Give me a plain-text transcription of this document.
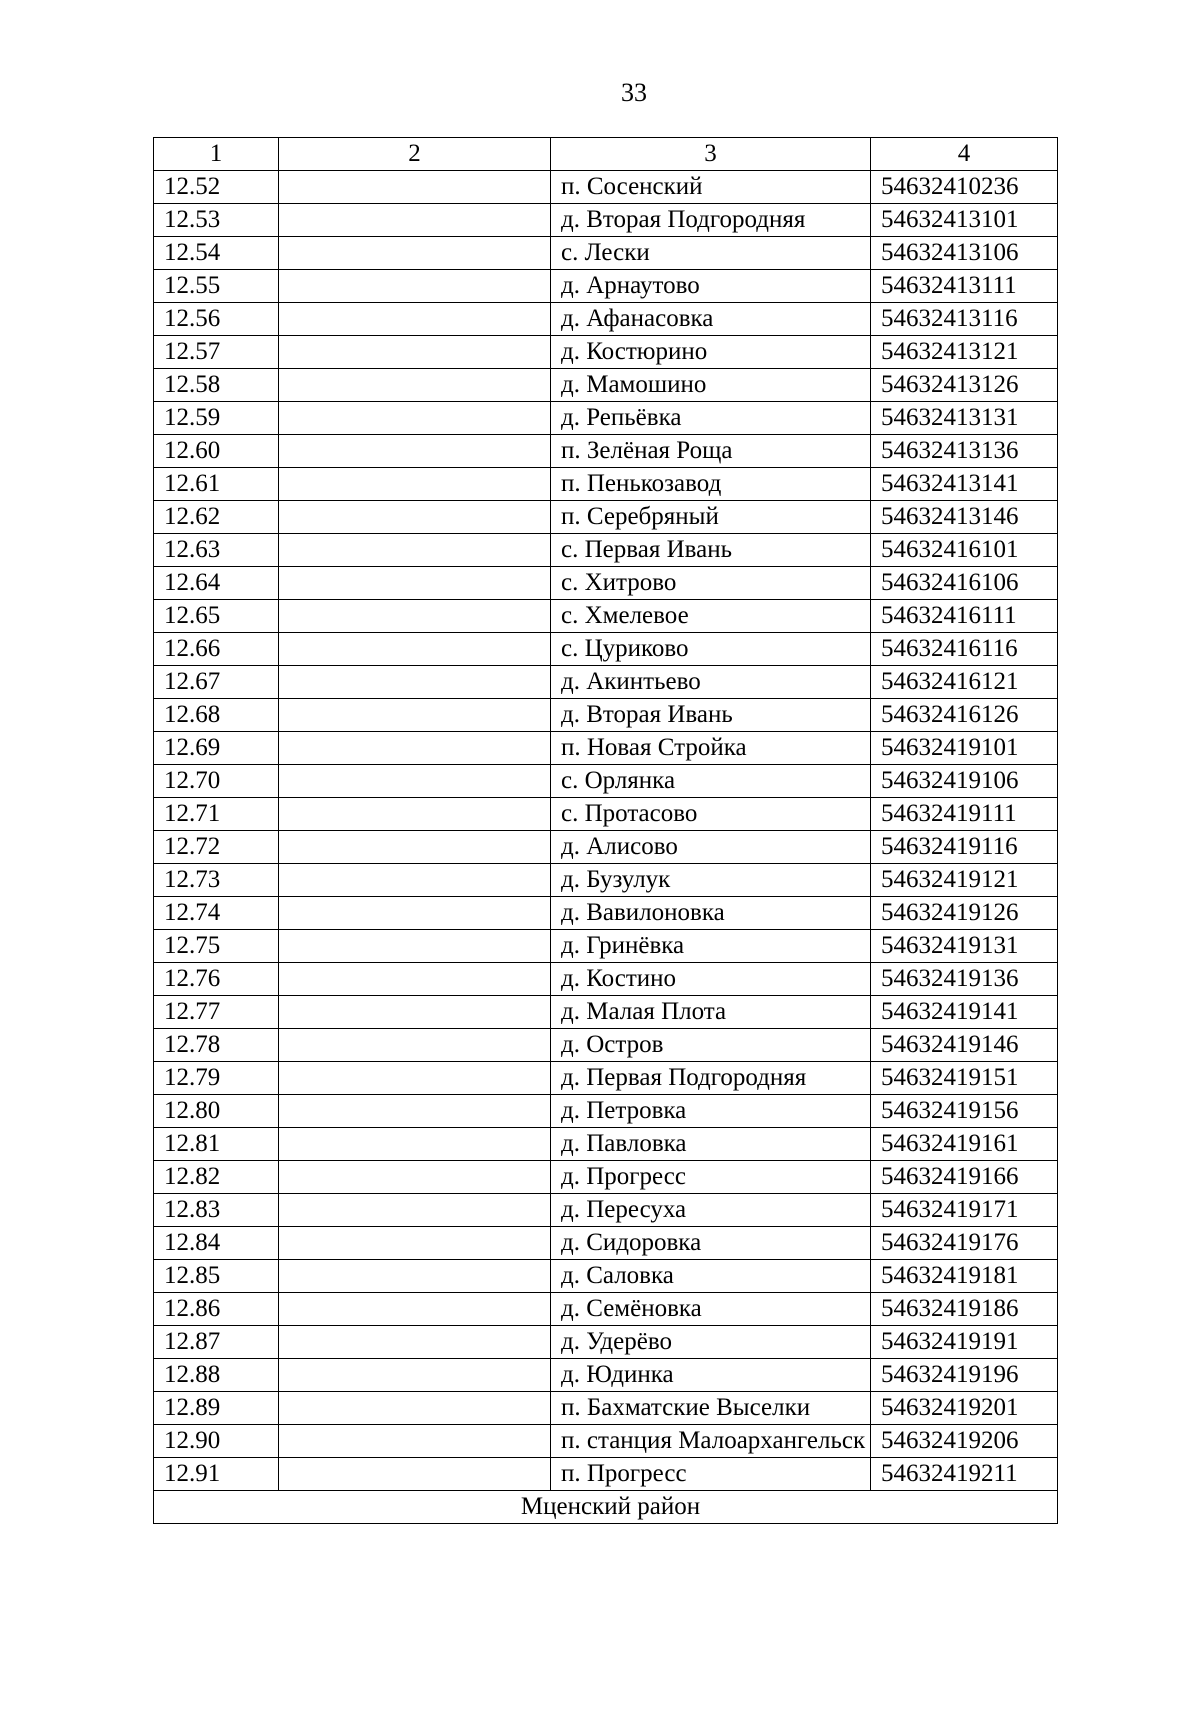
33
1	2	3	4
12.52		п. Сосенский	54632410236
12.53		д. Вторая Подгородняя	54632413101
12.54		с. Лески	54632413106
12.55		д. Арнаутово	54632413111
12.56		д. Афанасовка	54632413116
12.57		д. Костюрино	54632413121
12.58		д. Мамошино	54632413126
12.59		д. Репьёвка	54632413131
12.60		п. Зелёная Роща	54632413136
12.61		п. Пенькозавод	54632413141
12.62		п. Серебряный	54632413146
12.63		с. Первая Ивань	54632416101
12.64		с. Хитрово	54632416106
12.65		с. Хмелевое	54632416111
12.66		с. Цуриково	54632416116
12.67		д. Акинтьево	54632416121
12.68		д. Вторая Ивань	54632416126
12.69		п. Новая Стройка	54632419101
12.70		с. Орлянка	54632419106
12.71		с. Протасово	54632419111
12.72		д. Алисово	54632419116
12.73		д. Бузулук	54632419121
12.74		д. Вавилоновка	54632419126
12.75		д. Гринёвка	54632419131
12.76		д. Костино	54632419136
12.77		д. Малая Плота	54632419141
12.78		д. Остров	54632419146
12.79		д. Первая Подгородняя	54632419151
12.80		д. Петровка	54632419156
12.81		д. Павловка	54632419161
12.82		д. Прогресс	54632419166
12.83		д. Пересуха	54632419171
12.84		д. Сидоровка	54632419176
12.85		д. Саловка	54632419181
12.86		д. Семёновка	54632419186
12.87		д. Удерёво	54632419191
12.88		д. Юдинка	54632419196
12.89		п. Бахматские Выселки	54632419201
12.90		п. станция Малоархангельск	54632419206
12.91		п. Прогресс	54632419211
Мценский район			
